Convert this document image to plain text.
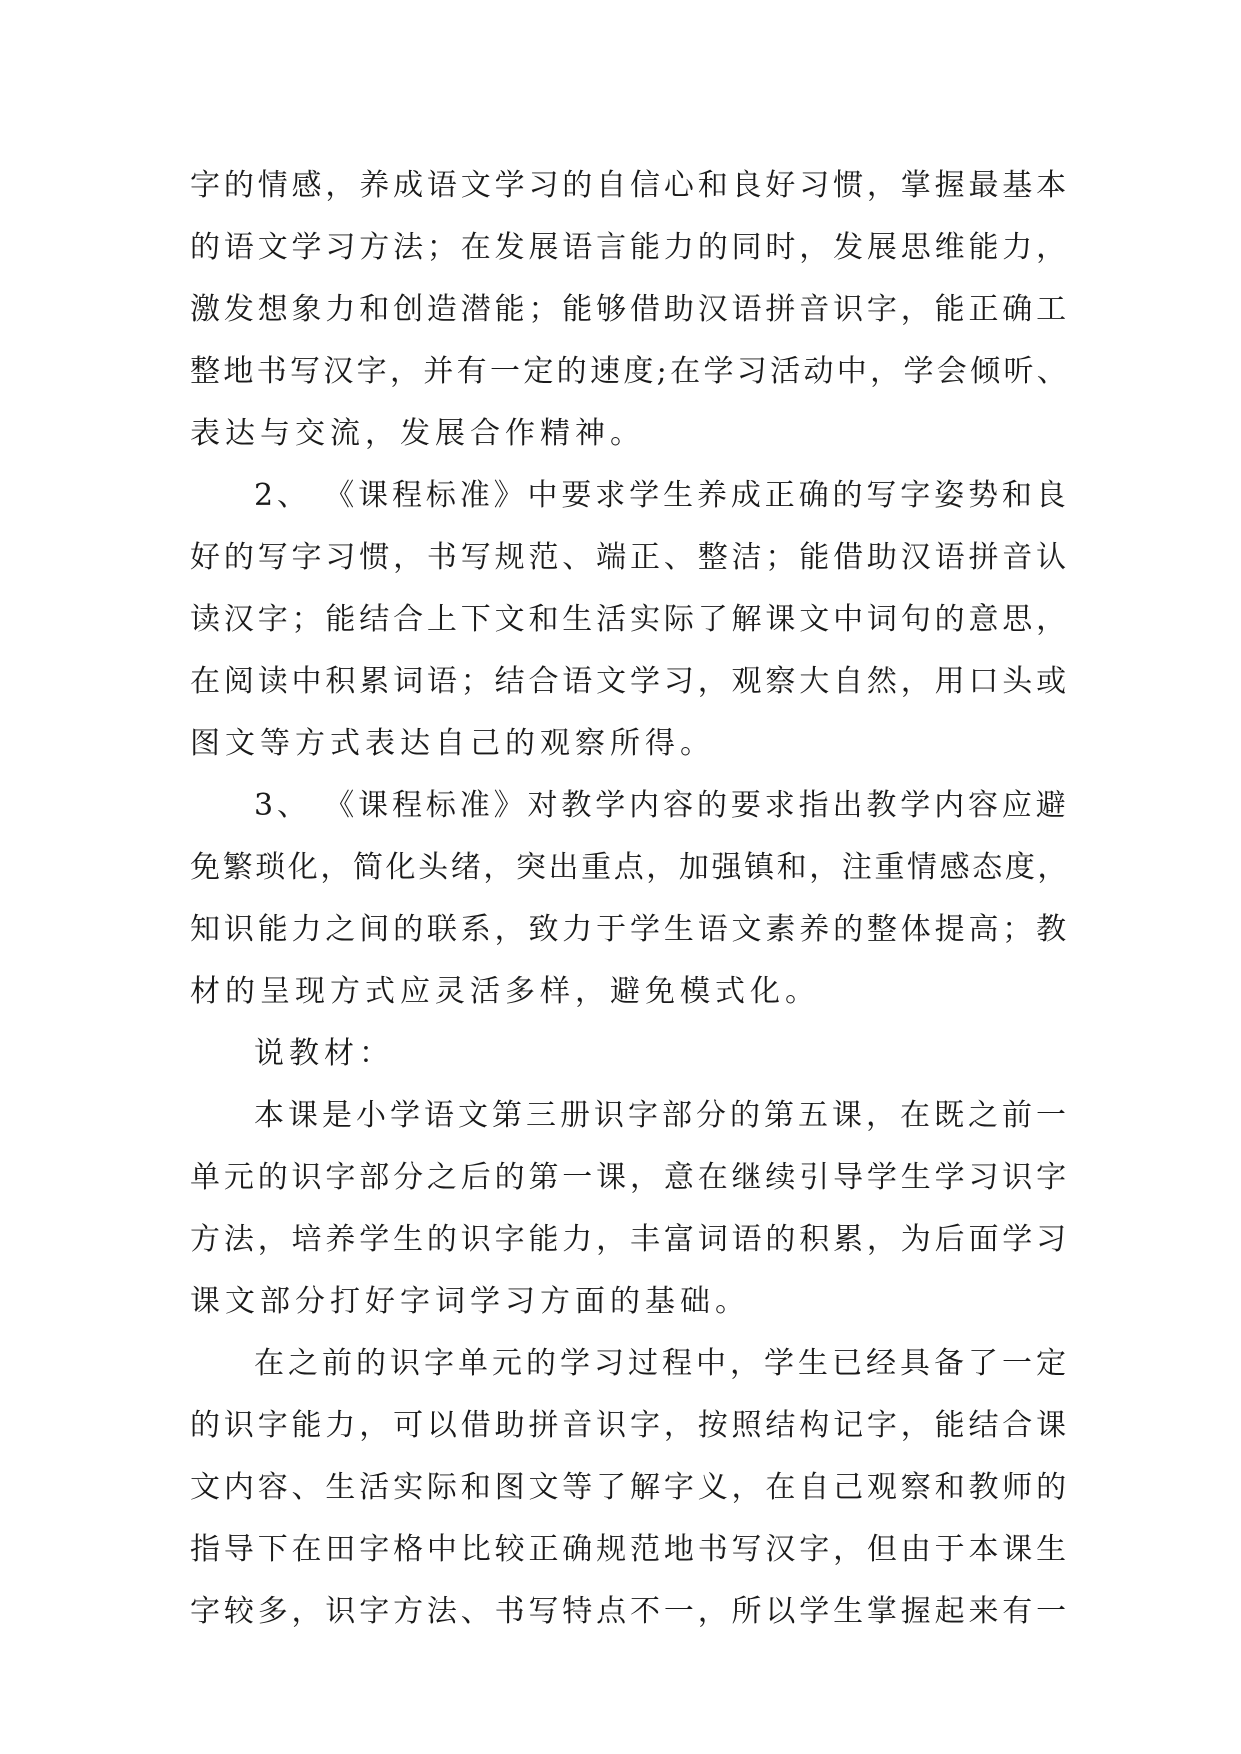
字的情感，养成语文学习的自信心和良好习惯，掌握最基本
的语文学习方法；在发展语言能力的同时，发展思维能力，
激发想象力和创造潜能；能够借助汉语拼音识字，能正确工
整地书写汉字，并有一定的速度;在学习活动中，学会倾听、
表达与交流，发展合作精神。
2、 《课程标准》中要求学生养成正确的写字姿势和良
好的写字习惯，书写规范、端正、整洁；能借助汉语拼音认
读汉字；能结合上下文和生活实际了解课文中词句的意思，
在阅读中积累词语；结合语文学习，观察大自然，用口头或
图文等方式表达自己的观察所得。
3、 《课程标准》对教学内容的要求指出教学内容应避
免繁琐化，简化头绪，突出重点，加强镇和，注重情感态度，
知识能力之间的联系，致力于学生语文素养的整体提高；教
材的呈现方式应灵活多样，避免模式化。
说教材：
本课是小学语文第三册识字部分的第五课，在既之前一
单元的识字部分之后的第一课，意在继续引导学生学习识字
方法，培养学生的识字能力，丰富词语的积累，为后面学习
课文部分打好字词学习方面的基础。
在之前的识字单元的学习过程中，学生已经具备了一定
的识字能力，可以借助拼音识字，按照结构记字，能结合课
文内容、生活实际和图文等了解字义，在自己观察和教师的
指导下在田字格中比较正确规范地书写汉字，但由于本课生
字较多，识字方法、书写特点不一，所以学生掌握起来有一
